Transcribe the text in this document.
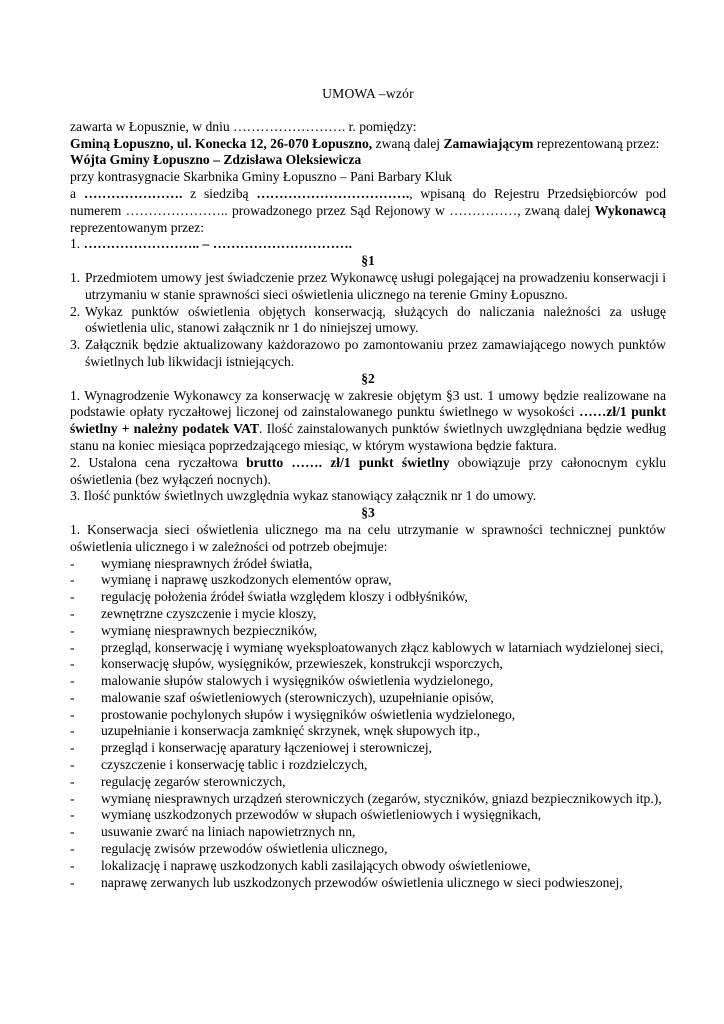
UMOWA –wzór

zawarta w Łopusznie, w dniu ……………………. r. pomiędzy:

Gminą Łopuszno, ul. Konecka 12, 26-070 Łopuszno, zwaną dalej Zamawiającym reprezentowaną przez:

Wójta Gminy Łopuszno – Zdzisława Oleksiewicza

przy kontrasygnacie Skarbnika Gminy Łopuszno – Pani Barbary Kluk

a …………………. z siedzibą ……………………………., wpisaną do Rejestru Przedsiębiorców pod numerem ………………….. prowadzonego przez Sąd Rejonowy w ……………, zwaną dalej Wykonawcą reprezentowanym przez:

1. …………………….. – ………………………….

§1

1. Przedmiotem umowy jest świadczenie przez Wykonawcę usługi polegającej na prowadzeniu konserwacji i utrzymaniu w stanie sprawności sieci oświetlenia ulicznego na terenie Gminy Łopuszno.
2. Wykaz punktów oświetlenia objętych konserwacją, służących do naliczania należności za usługę oświetlenia ulic, stanowi załącznik nr 1 do niniejszej umowy.
3. Załącznik będzie aktualizowany każdorazowo po zamontowaniu przez zamawiającego nowych punktów świetlnych lub likwidacji istniejących.

§2

1. Wynagrodzenie Wykonawcy za konserwację w zakresie objętym §3 ust. 1 umowy będzie realizowane na podstawie opłaty ryczałtowej liczonej od zainstalowanego punktu świetlnego w wysokości ……zł/1 punkt świetlny + należny podatek VAT. Ilość zainstalowanych punktów świetlnych uwzględniana będzie według stanu na koniec miesiąca poprzedzającego miesiąc, w którym wystawiona będzie faktura.

2. Ustalona cena ryczałtowa brutto ……. zł/1 punkt świetlny obowiązuje przy całonocnym cyklu oświetlenia (bez wyłączeń nocnych).

3. Ilość punktów świetlnych uwzględnia wykaz stanowiący załącznik nr 1 do umowy.

§3

1. Konserwacja sieci oświetlenia ulicznego ma na celu utrzymanie w sprawności technicznej punktów oświetlenia ulicznego i w zależności od potrzeb obejmuje:

-	wymianę niesprawnych źródeł światła,
-	wymianę i naprawę uszkodzonych elementów opraw,
-	regulację położenia źródeł światła względem kloszy i odbłyśników,
-	zewnętrzne czyszczenie i mycie kloszy,
-	wymianę niesprawnych bezpieczników,
-	przegląd, konserwację i wymianę wyeksploatowanych złącz kablowych w latarniach wydzielonej sieci,
-	konserwację słupów, wysięgników, przewieszek, konstrukcji wsporczych,
-	malowanie słupów stalowych i wysięgników oświetlenia wydzielonego,
-	malowanie szaf oświetleniowych (sterowniczych), uzupełnianie opisów,
-	prostowanie pochylonych słupów i wysięgników oświetlenia wydzielonego,
-	uzupełnianie i konserwacja zamknięć skrzynek, wnęk słupowych itp.,
-	przegląd i konserwację aparatury łączeniowej i sterowniczej,
-	czyszczenie i konserwację tablic i rozdzielczych,
-	regulację zegarów sterowniczych,
-	wymianę niesprawnych urządzeń sterowniczych (zegarów, styczników, gniazd bezpiecznikowych itp.),
-	wymianę uszkodzonych przewodów w słupach oświetleniowych i wysięgnikach,
-	usuwanie zwarć na liniach napowietrznych nn,
-	regulację zwisów przewodów oświetlenia ulicznego,
-	lokalizację i naprawę uszkodzonych kabli zasilających obwody oświetleniowe,
-	naprawę zerwanych lub uszkodzonych przewodów oświetlenia ulicznego w sieci podwieszonej,
